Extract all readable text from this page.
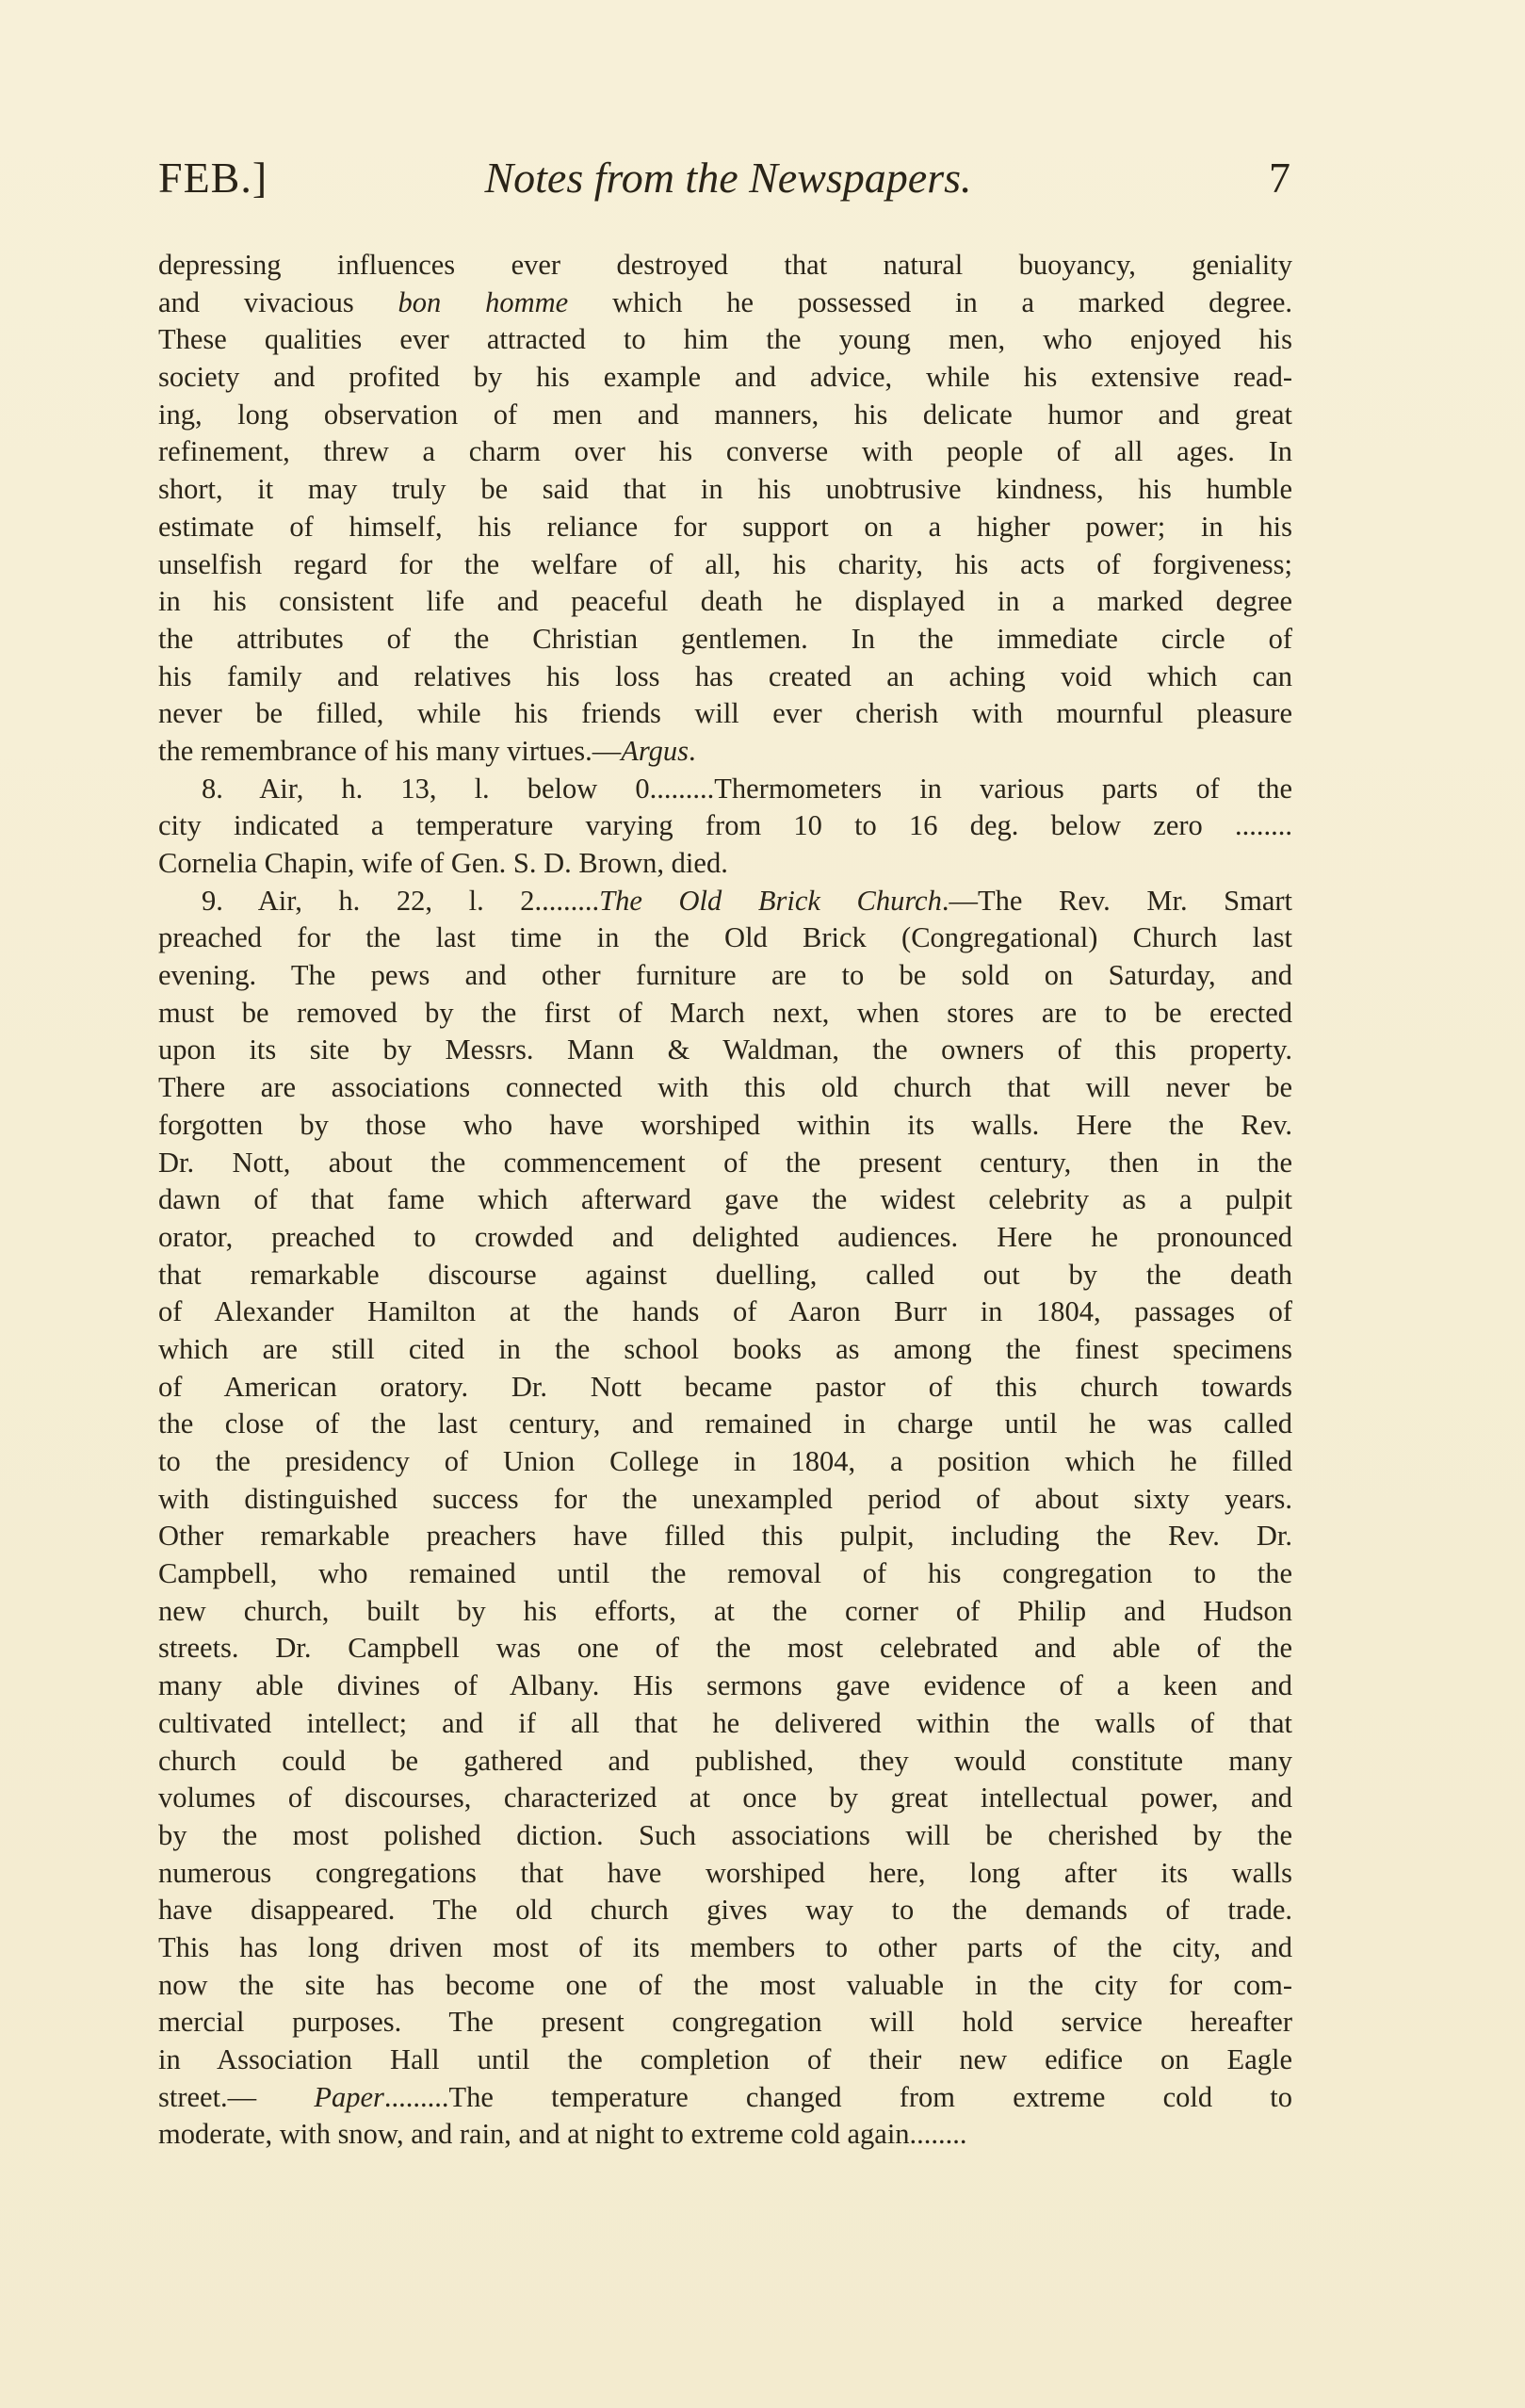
FEB.]	Notes from the Newspapers.	7
depressing influences ever destroyed that natural buoyancy, geniality
and vivacious bon homme which he possessed in a marked degree.
These qualities ever attracted to him the young men, who enjoyed his
society and profited by his example and advice, while his extensive read-
ing, long observation of men and manners, his delicate humor and great
refinement, threw a charm over his converse with people of all ages. In
short, it may truly be said that in his unobtrusive kindness, his humble
estimate of himself, his reliance for support on a higher power; in his
unselfish regard for the welfare of all, his charity, his acts of forgiveness;
in his consistent life and peaceful death he displayed in a marked degree
the attributes of the Christian gentlemen. In the immediate circle of
his family and relatives his loss has created an aching void which can
never be filled, while his friends will ever cherish with mournful pleasure
the remembrance of his many virtues.—Argus.
8. Air, h. 13, l. below 0.........Thermometers in various parts of the
city indicated a temperature varying from 10 to 16 deg. below zero ........
Cornelia Chapin, wife of Gen. S. D. Brown, died.
9. Air, h. 22, l. 2.........The Old Brick Church.—The Rev. Mr. Smart
preached for the last time in the Old Brick (Congregational) Church last
evening. The pews and other furniture are to be sold on Saturday, and
must be removed by the first of March next, when stores are to be erected
upon its site by Messrs. Mann & Waldman, the owners of this property.
There are associations connected with this old church that will never be
forgotten by those who have worshiped within its walls. Here the Rev.
Dr. Nott, about the commencement of the present century, then in the
dawn of that fame which afterward gave the widest celebrity as a pulpit
orator, preached to crowded and delighted audiences. Here he pronounced
that remarkable discourse against duelling, called out by the death
of Alexander Hamilton at the hands of Aaron Burr in 1804, passages of
which are still cited in the school books as among the finest specimens
of American oratory. Dr. Nott became pastor of this church towards
the close of the last century, and remained in charge until he was called
to the presidency of Union College in 1804, a position which he filled
with distinguished success for the unexampled period of about sixty years.
Other remarkable preachers have filled this pulpit, including the Rev. Dr.
Campbell, who remained until the removal of his congregation to the
new church, built by his efforts, at the corner of Philip and Hudson
streets. Dr. Campbell was one of the most celebrated and able of the
many able divines of Albany. His sermons gave evidence of a keen and
cultivated intellect; and if all that he delivered within the walls of that
church could be gathered and published, they would constitute many
volumes of discourses, characterized at once by great intellectual power, and
by the most polished diction. Such associations will be cherished by the
numerous congregations that have worshiped here, long after its walls
have disappeared. The old church gives way to the demands of trade.
This has long driven most of its members to other parts of the city, and
now the site has become one of the most valuable in the city for com-
mercial purposes. The present congregation will hold service hereafter
in Association Hall until the completion of their new edifice on Eagle
street.— Paper.........The temperature changed from extreme cold to
moderate, with snow, and rain, and at night to extreme cold again........
